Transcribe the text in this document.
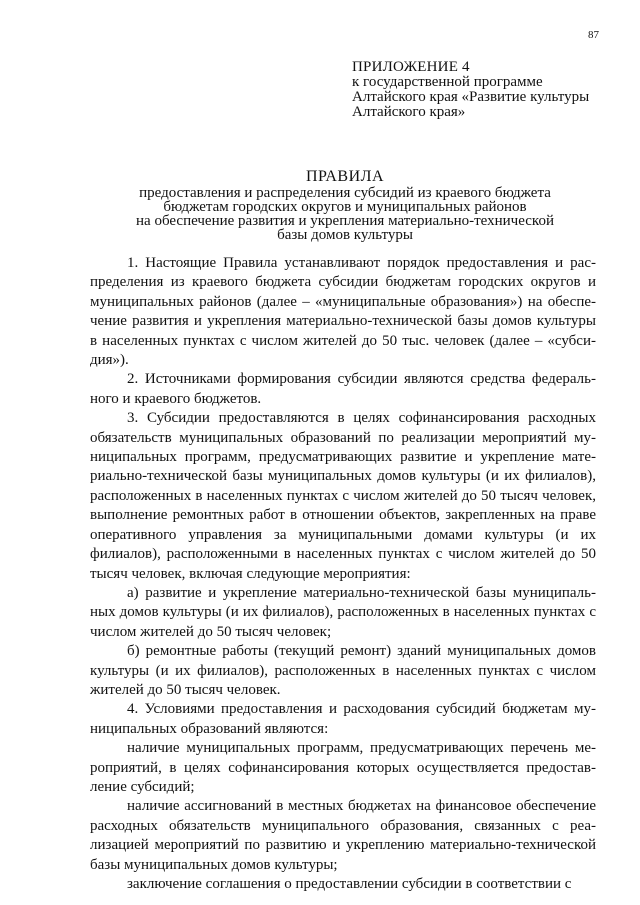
87
ПРИЛОЖЕНИЕ 4
к государственной программе
Алтайского края «Развитие культуры
Алтайского края»
ПРАВИЛА
предоставления и распределения субсидий из краевого бюджета
бюджетам городских округов и муниципальных районов
на обеспечение развития и укрепления материально-технической
базы домов культуры

1. Настоящие Правила устанавливают порядок предоставления и распределения из краевого бюджета субсидии бюджетам городских округов и муниципальных районов (далее – «муниципальные образования») на обеспечение развития и укрепления материально-технической базы домов культуры в населенных пунктах с числом жителей до 50 тыс. человек (далее – «субсидия»).

2. Источниками формирования субсидии являются средства федерального и краевого бюджетов.

3. Субсидии предоставляются в целях софинансирования расходных обязательств муниципальных образований по реализации мероприятий муниципальных программ, предусматривающих развитие и укрепление материально-технической базы муниципальных домов культуры (и их филиалов), расположенных в населенных пунктах с числом жителей до 50 тысяч человек, выполнение ремонтных работ в отношении объектов, закрепленных на праве оперативного управления за муниципальными домами культуры (и их филиалов), расположенными в населенных пунктах с числом жителей до 50 тысяч человек, включая следующие мероприятия:

а) развитие и укрепление материально-технической базы муниципальных домов культуры (и их филиалов), расположенных в населенных пунктах с числом жителей до 50 тысяч человек;

б) ремонтные работы (текущий ремонт) зданий муниципальных домов культуры (и их филиалов), расположенных в населенных пунктах с числом жителей до 50 тысяч человек.

4. Условиями предоставления и расходования субсидий бюджетам муниципальных образований являются:

наличие муниципальных программ, предусматривающих перечень мероприятий, в целях софинансирования которых осуществляется предоставление субсидий;

наличие ассигнований в местных бюджетах на финансовое обеспечение расходных обязательств муниципального образования, связанных с реализацией мероприятий по развитию и укреплению материально-технической базы муниципальных домов культуры;

заключение соглашения о предоставлении субсидии в соответствии с
